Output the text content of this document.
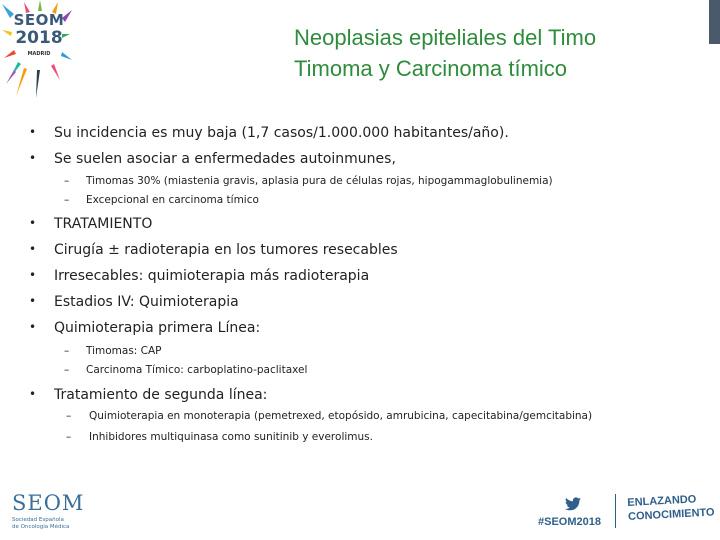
SEOM
2018
MADRID
Neoplasias epiteliales del Timo
Timoma y Carcinoma tímico
• Su incidencia es muy baja (1,7 casos/1.000.000 habitantes/año).
• Se suelen asociar a enfermedades autoinmunes,
– Timomas 30% (miastenia gravis, aplasia pura de células rojas, hipogammaglobulinemia)
– Excepcional en carcinoma tímico
• TRATAMIENTO
• Cirugía ± radioterapia en los tumores resecables
• Irresecables: quimioterapia más radioterapia
• Estadios IV: Quimioterapia
• Quimioterapia primera Línea:
– Timomas: CAP
– Carcinoma Tímico: carboplatino-paclitaxel
• Tratamiento de segunda línea:
– Quimioterapia en monoterapia (pemetrexed, etopósido, amrubicina, capecitabina/gemcitabina)
– Inhibidores multiquinasa como sunitinib y everolimus.
SEOM
Sociedad Española
de Oncología Médica	#SEOM2018
ENLAZANDO
CONOCIMIENTO
